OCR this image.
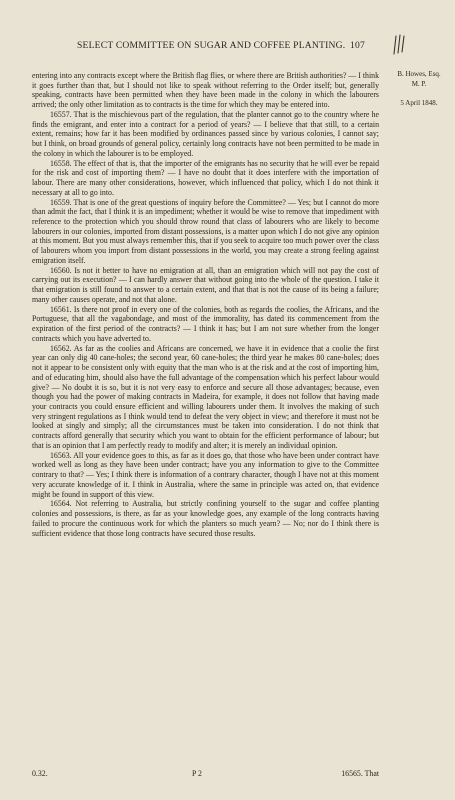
SELECT COMMITTEE ON SUGAR AND COFFEE PLANTING. 107
B. Howes, Esq.
M. P.
5 April 1848.

entering into any contracts except where the British flag flies, or where there are British authorities? — I think it goes further than that, but I should not like to speak without referring to the Order itself; but, generally speaking, contracts have been permitted when they have been made in the colony in which the labourers arrived; the only other limitation as to contracts is the time for which they may be entered into.

16557. That is the mischievous part of the regulation, that the planter cannot go to the country where he finds the emigrant, and enter into a contract for a period of years? — I believe that that still, to a certain extent, remains; how far it has been modified by ordinances passed since by various colonies, I cannot say; but I think, on broad grounds of general policy, certainly long contracts have not been permitted to be made in the colony in which the labourer is to be employed.

16558. The effect of that is, that the importer of the emigrants has no security that he will ever be repaid for the risk and cost of importing them? — I have no doubt that it does interfere with the importation of labour. There are many other considerations, however, which influenced that policy, which I do not think it necessary at all to go into.

16559. That is one of the great questions of inquiry before the Committee? — Yes; but I cannot do more than admit the fact, that I think it is an impediment; whether it would be wise to remove that impediment with reference to the protection which you should throw round that class of labourers who are likely to become labourers in our colonies, imported from distant possessions, is a matter upon which I do not give any opinion at this moment. But you must always remember this, that if you seek to acquire too much power over the class of labourers whom you import from distant possessions in the world, you may create a strong feeling against emigration itself.

16560. Is not it better to have no emigration at all, than an emigration which will not pay the cost of carrying out its execution? — I can hardly answer that without going into the whole of the question. I take it that emigration is still found to answer to a certain extent, and that that is not the cause of its being a failure; many other causes operate, and not that alone.

16561. Is there not proof in every one of the colonies, both as regards the coolies, the Africans, and the Portuguese, that all the vagabondage, and most of the immorality, has dated its commencement from the expiration of the first period of the contracts? — I think it has; but I am not sure whether from the longer contracts which you have adverted to.

16562. As far as the coolies and Africans are concerned, we have it in evidence that a coolie the first year can only dig 40 cane-holes; the second year, 60 cane-holes; the third year he makes 80 cane-holes; does not it appear to be consistent only with equity that the man who is at the risk and at the cost of importing him, and of educating him, should also have the full advantage of the compensation which his perfect labour would give? — No doubt it is so, but it is not very easy to enforce and secure all those advantages; because, even though you had the power of making contracts in Madeira, for example, it does not follow that having made your contracts you could ensure efficient and willing labourers under them. It involves the making of such very stringent regulations as I think would tend to defeat the very object in view; and therefore it must not be looked at singly and simply; all the circumstances must be taken into consideration. I do not think that contracts afford generally that security which you want to obtain for the efficient performance of labour; but that is an opinion that I am perfectly ready to modify and alter; it is merely an individual opinion.

16563. All your evidence goes to this, as far as it does go, that those who have been under contract have worked well as long as they have been under contract; have you any information to give to the Committee contrary to that? — Yes; I think there is information of a contrary character, though I have not at this moment very accurate knowledge of it. I think in Australia, where the same in principle was acted on, that evidence might be found in support of this view.

16564. Not referring to Australia, but strictly confining yourself to the sugar and coffee planting colonies and possessions, is there, as far as your knowledge goes, any example of the long contracts having failed to procure the continuous work for which the planters so much yearn? — No; nor do I think there is sufficient evidence that those long contracts have secured those results.

0.32.	P 2	16565. That
